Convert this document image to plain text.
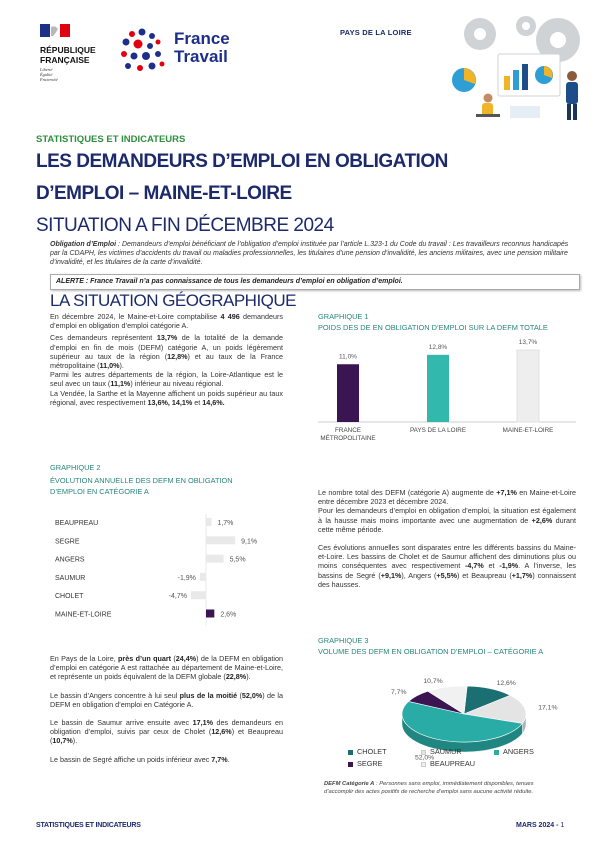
RÉPUBLIQUE
FRANÇAISE
Liberté
Égalité
Fraternité
France
Travail
PAYS DE LA LOIRE
STATISTIQUES ET INDICATEURS
LES DEMANDEURS D’EMPLOI EN OBLIGATION
D’EMPLOI – MAINE-ET-LOIRE
SITUATION A FIN DÉCEMBRE 2024
Obligation d’Emploi : Demandeurs d’emploi bénéficiant de l’obligation d’emploi instituée par l’article L.323-1 du Code du travail : Les travailleurs reconnus handicapés par la CDAPH, les victimes d’accidents du travail ou maladies professionnelles, les titulaires d’une pension d’invalidité, les anciens militaires, avec une pension militaire d’invalidité, et les titulaires de la carte d’invalidité.
ALERTE : France Travail n’a pas connaissance de tous les demandeurs d’emploi en obligation d’emploi.
LA SITUATION GÉOGRAPHIQUE

En décembre 2024, le Maine-et-Loire comptabilise 4 496 demandeurs d’emploi en obligation d’emploi catégorie A.

Ces demandeurs représentent 13,7% de la totalité de la demande d’emploi en fin de mois (DEFM) catégorie A, un poids légèrement supérieur au taux de la région (12,8%) et au taux de la France métropolitaine (11,0%).

Parmi les autres départements de la région, la Loire-Atlantique est le seul avec un taux (11,1%) inférieur au niveau régional.

La Vendée, la Sarthe et la Mayenne affichent un poids supérieur au taux régional, avec respectivement 13,6%, 14,1% et 14,6%.

GRAPHIQUE 1
POIDS DES DE EN OBLIGATION D’EMPLOI SUR LA DEFM TOTALE
11,0%
FRANCE
MÉTROPOLITAINE
12,8%
PAYS DE LA LOIRE
13,7%
MAINE-ET-LOIRE
GRAPHIQUE 2
ÉVOLUTION ANNUELLE DES DEFM EN OBLIGATION
D’EMPLOI EN CATÉGORIE A
BEAUPREAU	1,7%
SEGRE	9,1%
ANGERS	5,5%
SAUMUR	-1,9%
CHOLET	-4,7%
MAINE-ET-LOIRE	2,6%

Le nombre total des DEFM (catégorie A) augmente de +7,1% en Maine-et-Loire entre décembre 2023 et décembre 2024.

Pour les demandeurs d’emploi en obligation d’emploi, la situation est également à la hausse mais moins importante avec une augmentation de +2,6% durant cette même période.

Ces évolutions annuelles sont disparates entre les différents bassins du Maine-et-Loire. Les bassins de Cholet et de Saumur affichent des diminutions plus ou moins conséquentes avec respectivement -4,7% et -1,9%. A l’inverse, les bassins de Segré (+9,1%), Angers (+5,5%) et Beaupreau (+1,7%) connaissent des hausses.

En Pays de la Loire, près d’un quart (24,4%) de la DEFM en obligation d’emploi en catégorie A est rattachée au département de Maine-et-Loire, et représente un poids équivalent de la DEFM globale (22,8%).

Le bassin d’Angers concentre à lui seul plus de la moitié (52,0%) de la DEFM en obligation d’emploi en Catégorie A.

Le bassin de Saumur arrive ensuite avec 17,1% des demandeurs en obligation d’emploi, suivis par ceux de Cholet (12,6%) et Beaupreau (10,7%).

Le bassin de Segré affiche un poids inférieur avec 7,7%.

GRAPHIQUE 3
VOLUME DES DEFM EN OBLIGATION D’EMPLOI – CATÉGORIE A
12,6%
17,1%
52,0%
7,7%
10,7%
CHOLET	SAUMUR	ANGERSSEGRE	BEAUPREAU
DEFM Catégorie A : Personnes sans emploi, immédiatement disponibles, tenues d’accomplir des actes positifs de recherche d’emploi sans aucune activité réduite.
STATISTIQUES ET INDICATEURS	MARS 2024 - 1
